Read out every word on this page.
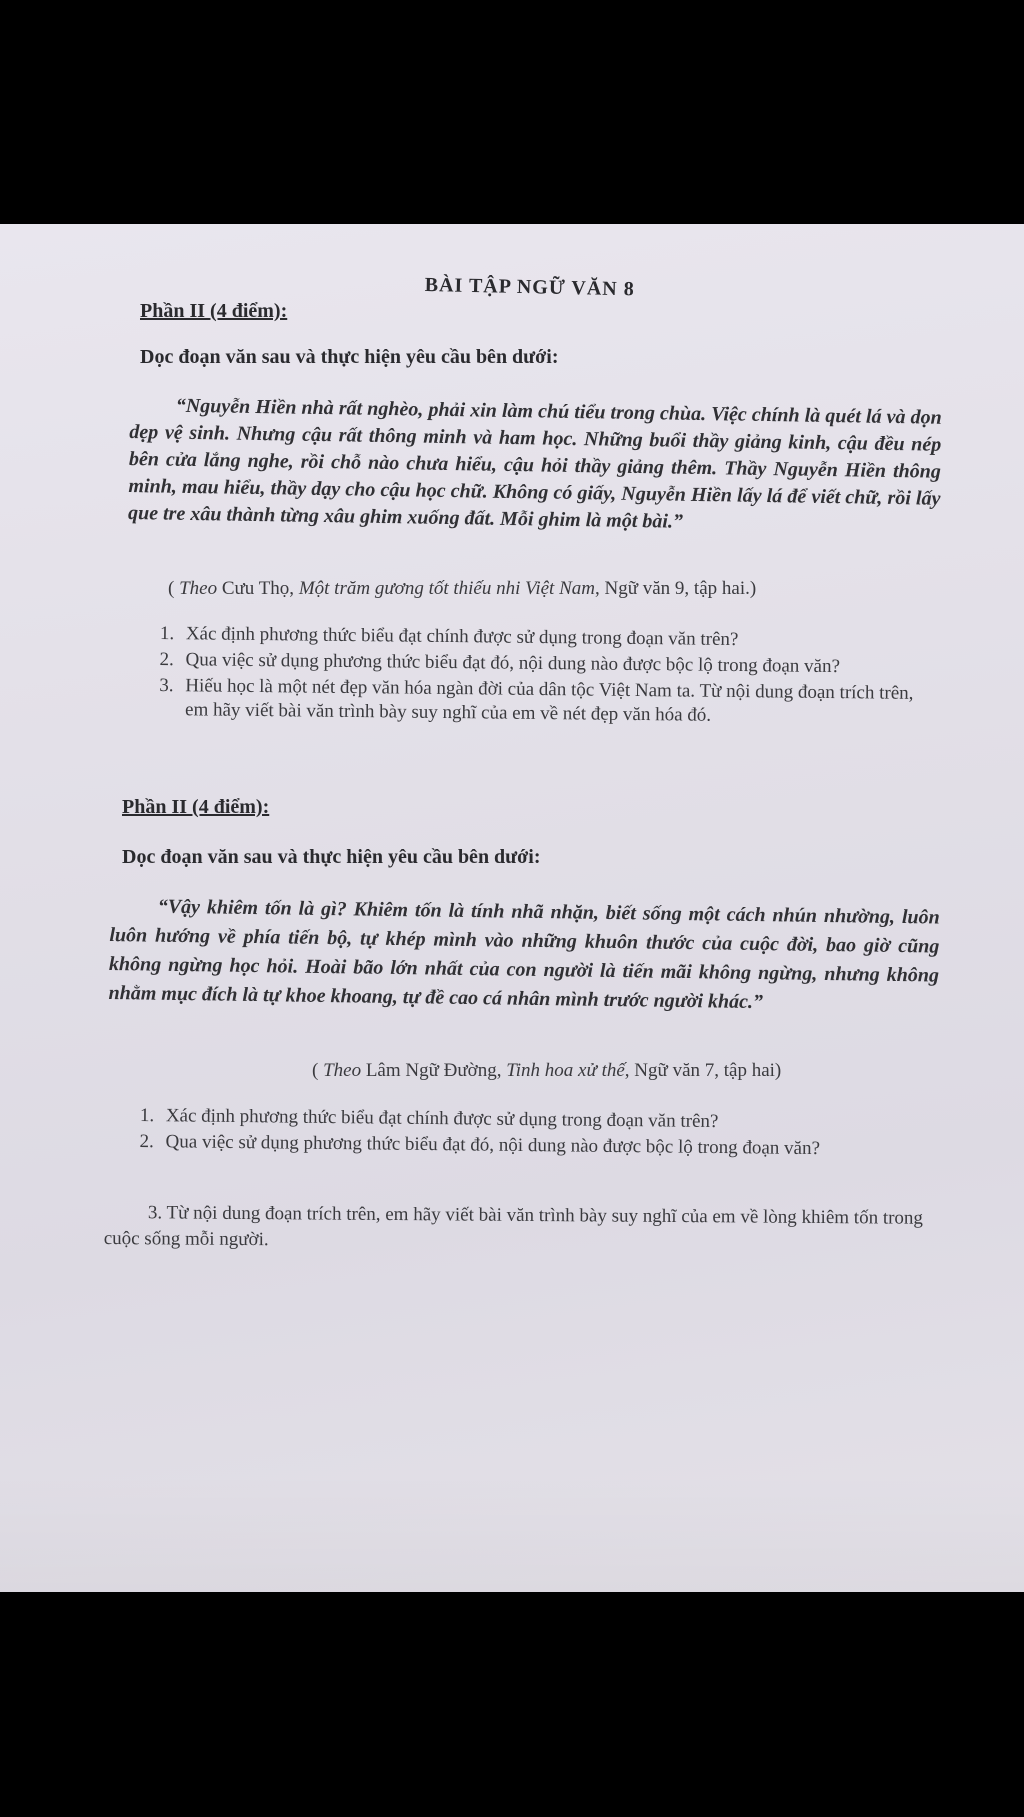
BÀI TẬP NGỮ VĂN 8
Phần II (4 điểm):
Dọc đoạn văn sau và thực hiện yêu cầu bên dưới:
“Nguyễn Hiền nhà rất nghèo, phải xin làm chú tiểu trong chùa. Việc chính là quét lá và dọn dẹp vệ sinh. Nhưng cậu rất thông minh và ham học. Những buổi thầy giảng kinh, cậu đều nép bên cửa lắng nghe, rồi chỗ nào chưa hiểu, cậu hỏi thầy giảng thêm. Thầy Nguyễn Hiền thông minh, mau hiểu, thầy dạy cho cậu học chữ. Không có giấy, Nguyễn Hiền lấy lá để viết chữ, rồi lấy que tre xâu thành từng xâu ghim xuống đất. Mỗi ghim là một bài.”
( Theo Cưu Thọ, Một trăm gương tốt thiếu nhi Việt Nam, Ngữ văn 9, tập hai.)
1. Xác định phương thức biểu đạt chính được sử dụng trong đoạn văn trên?
2. Qua việc sử dụng phương thức biểu đạt đó, nội dung nào được bộc lộ trong đoạn văn?
3. Hiếu học là một nét đẹp văn hóa ngàn đời của dân tộc Việt Nam ta. Từ nội dung đoạn trích trên, em hãy viết bài văn trình bày suy nghĩ của em về nét đẹp văn hóa đó.
Phần II (4 điểm):
Dọc đoạn văn sau và thực hiện yêu cầu bên dưới:
“Vậy khiêm tốn là gì? Khiêm tốn là tính nhã nhặn, biết sống một cách nhún nhường, luôn luôn hướng về phía tiến bộ, tự khép mình vào những khuôn thước của cuộc đời, bao giờ cũng không ngừng học hỏi. Hoài bão lớn nhất của con người là tiến mãi không ngừng, nhưng không nhằm mục đích là tự khoe khoang, tự đề cao cá nhân mình trước người khác.”
( Theo Lâm Ngữ Đường, Tinh hoa xử thế, Ngữ văn 7, tập hai)
1. Xác định phương thức biểu đạt chính được sử dụng trong đoạn văn trên?
2. Qua việc sử dụng phương thức biểu đạt đó, nội dung nào được bộc lộ trong đoạn văn?
3. Từ nội dung đoạn trích trên, em hãy viết bài văn trình bày suy nghĩ của em về lòng khiêm tốn trong cuộc sống mỗi người.
